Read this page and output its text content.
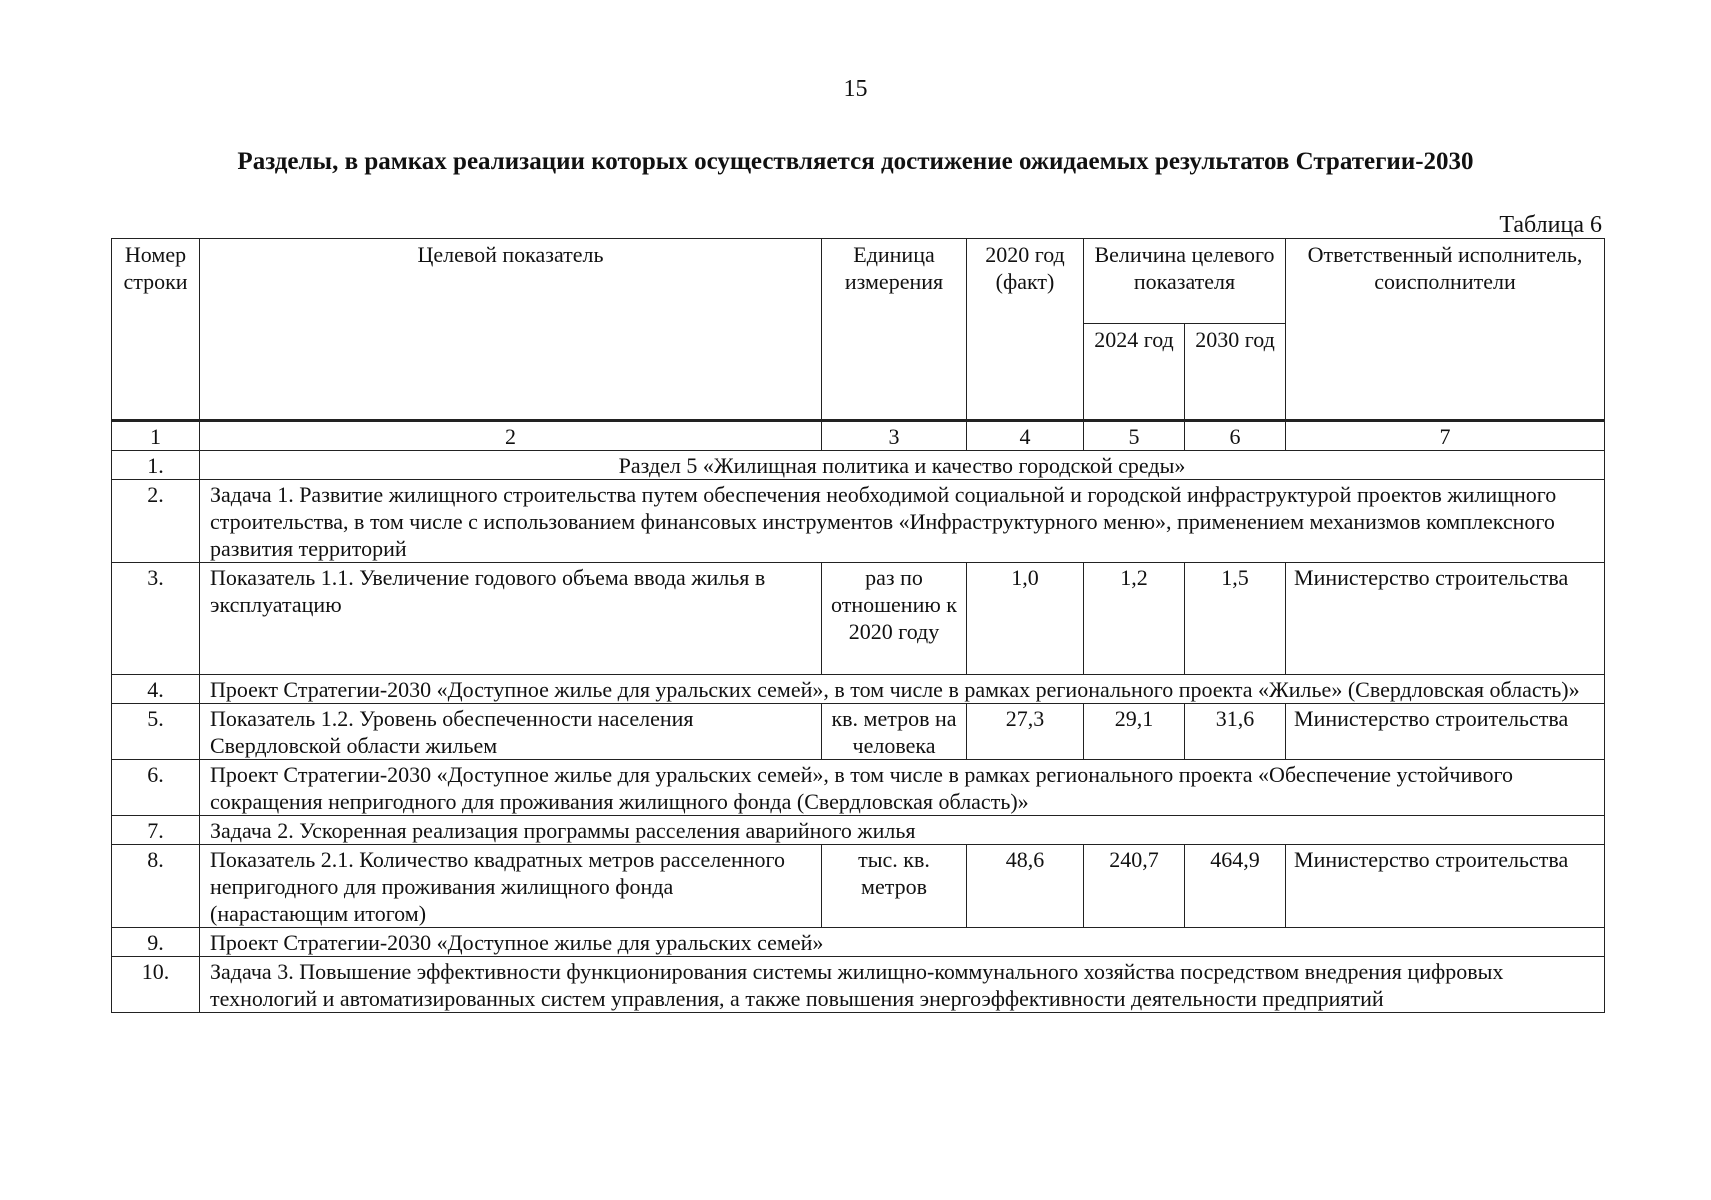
15
Разделы, в рамках реализации которых осуществляется достижение ожидаемых результатов Стратегии-2030
Таблица 6
Номер строки	Целевой показатель	Единица измерения	2020 год (факт)	Величина целевого показателя		Ответственный исполнитель, соисполнители
				2024 год	2030 год	
1	2	3	4	5	6	7
1.	Раздел 5 «Жилищная политика и качество городской среды»					
2.	Задача 1. Развитие жилищного строительства путем обеспечения необходимой социальной и городской инфраструктурой проектов жилищного строительства, в том числе с использованием финансовых инструментов «Инфраструктурного меню», применением механизмов комплексного развития территорий					
3.	Показатель 1.1. Увеличение годового объема ввода жилья в эксплуатацию	раз по отношению к 2020 году	1,0	1,2	1,5	Министерство строительства
4.	Проект Стратегии-2030 «Доступное жилье для уральских семей», в том числе в рамках регионального проекта «Жилье» (Свердловская область)»					
5.	Показатель 1.2. Уровень обеспеченности населения Свердловской области жильем	кв. метров на человека	27,3	29,1	31,6	Министерство строительства
6.	Проект Стратегии-2030 «Доступное жилье для уральских семей», в том числе в рамках регионального проекта «Обеспечение устойчивого сокращения непригодного для проживания жилищного фонда (Свердловская область)»					
7.	Задача 2. Ускоренная реализация программы расселения аварийного жилья					
8.	Показатель 2.1. Количество квадратных метров расселенного непригодного для проживания жилищного фонда (нарастающим итогом)	тыс. кв. метров	48,6	240,7	464,9	Министерство строительства
9.	Проект Стратегии-2030 «Доступное жилье для уральских семей»					
10.	Задача 3. Повышение эффективности функционирования системы жилищно-коммунального хозяйства посредством внедрения цифровых технологий и автоматизированных систем управления, а также повышения энергоэффективности деятельности предприятий					
